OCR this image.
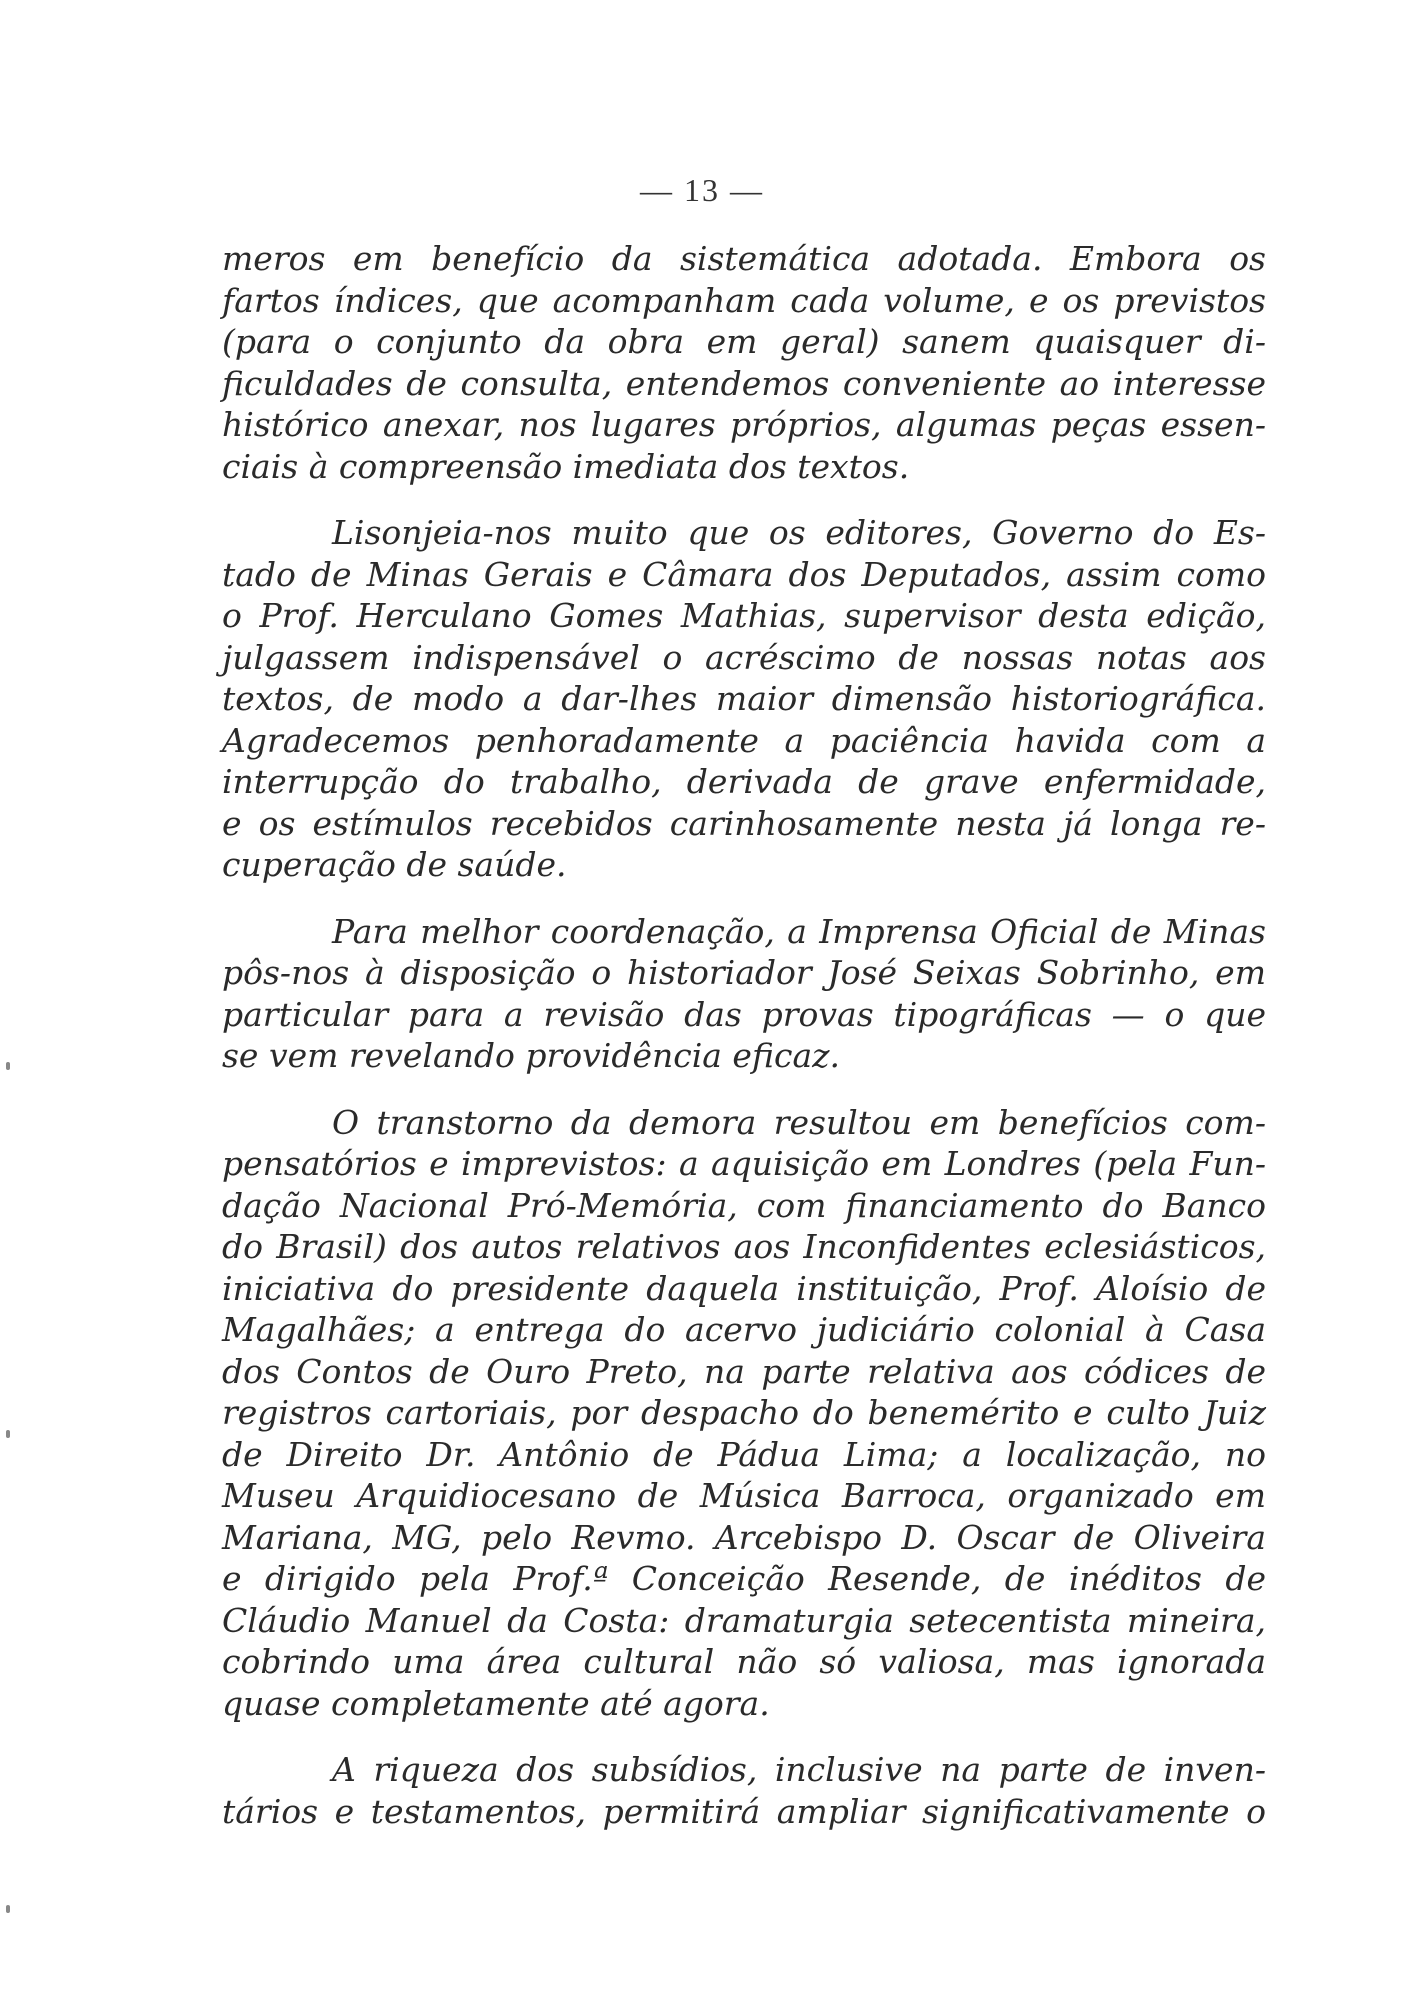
— 13 —

meros em benefício da sistemática adotada. Embora os
fartos índices, que acompanham cada volume, e os previstos
(para o conjunto da obra em geral) sanem quaisquer di-
ficuldades de consulta, entendemos conveniente ao interesse
histórico anexar, nos lugares próprios, algumas peças essen-
ciais à compreensão imediata dos textos.

Lisonjeia-nos muito que os editores, Governo do Es-
tado de Minas Gerais e Câmara dos Deputados, assim como
o Prof. Herculano Gomes Mathias, supervisor desta edição,
julgassem indispensável o acréscimo de nossas notas aos
textos, de modo a dar-lhes maior dimensão historiográfica.
Agradecemos penhoradamente a paciência havida com a
interrupção do trabalho, derivada de grave enfermidade,
e os estímulos recebidos carinhosamente nesta já longa re-
cuperação de saúde.

Para melhor coordenação, a Imprensa Oficial de Minas
pôs-nos à disposição o historiador José Seixas Sobrinho, em
particular para a revisão das provas tipográficas — o que
se vem revelando providência eficaz.

O transtorno da demora resultou em benefícios com-
pensatórios e imprevistos: a aquisição em Londres (pela Fun-
dação Nacional Pró-Memória, com financiamento do Banco
do Brasil) dos autos relativos aos Inconfidentes eclesiásticos,
iniciativa do presidente daquela instituição, Prof. Aloísio de
Magalhães; a entrega do acervo judiciário colonial à Casa
dos Contos de Ouro Preto, na parte relativa aos códices de
registros cartoriais, por despacho do benemérito e culto Juiz
de Direito Dr. Antônio de Pádua Lima; a localização, no
Museu Arquidiocesano de Música Barroca, organizado em
Mariana, MG, pelo Revmo. Arcebispo D. Oscar de Oliveira
e dirigido pela Prof.ª Conceição Resende, de inéditos de
Cláudio Manuel da Costa: dramaturgia setecentista mineira,
cobrindo uma área cultural não só valiosa, mas ignorada
quase completamente até agora.

A riqueza dos subsídios, inclusive na parte de inven-
tários e testamentos, permitirá ampliar significativamente o
